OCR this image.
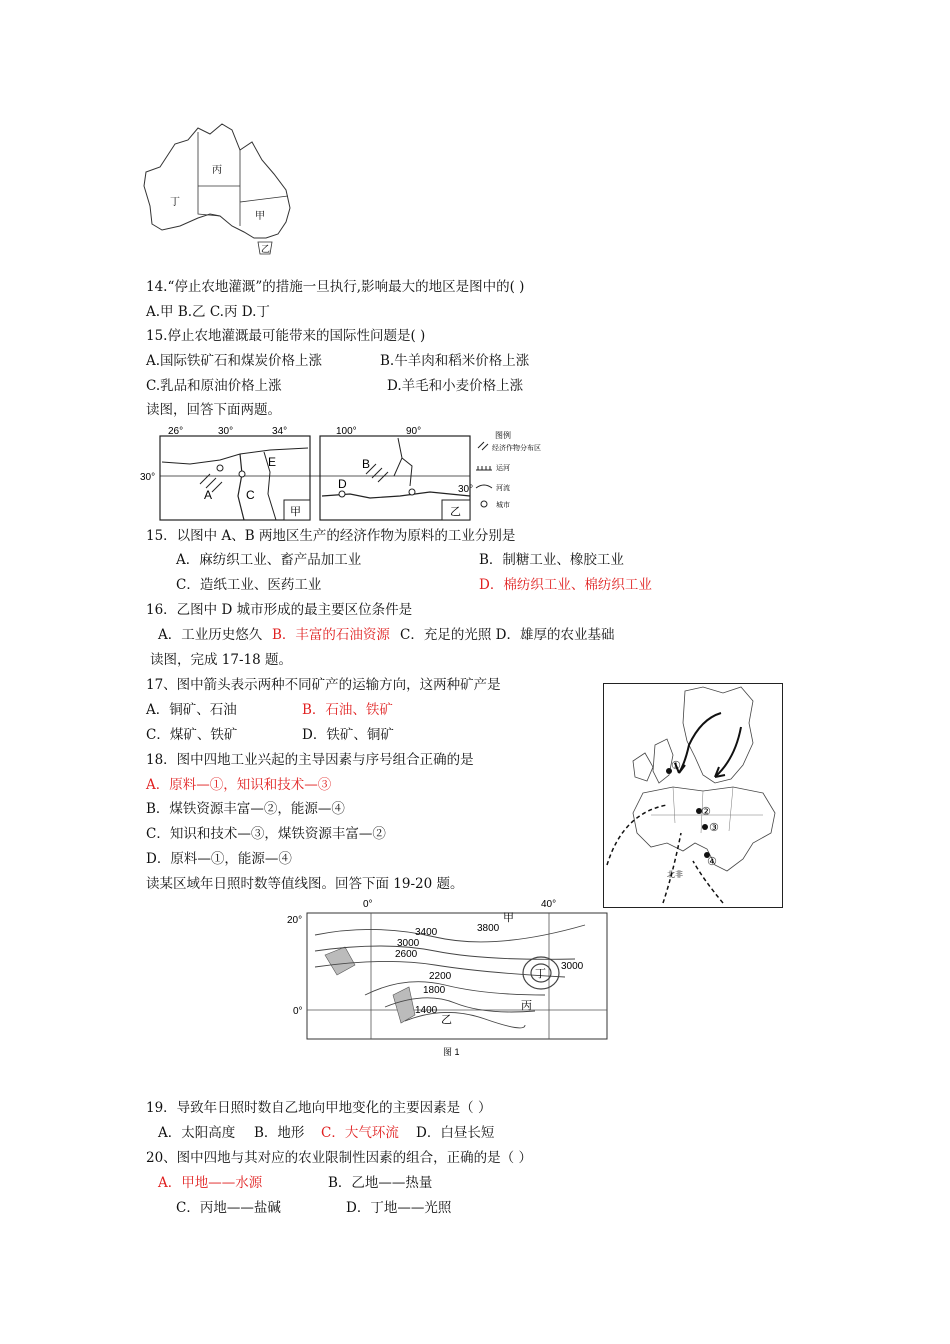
丙
丁
甲
乙
14.“停止农地灌溉”的措施一旦执行,影响最大的地区是图中的( )
A.甲 B.乙 C.丙 D.丁
15.停止农地灌溉最可能带来的国际性问题是( )
A.国际铁矿石和煤炭价格上涨	B.牛羊肉和稻米价格上涨
C.乳品和原油价格上涨	D.羊毛和小麦价格上涨
读图，回答下面两题。
26°	30°	34°
30°
A	C
E
甲
100°	90°
B
D
乙
30°
图例
经济作物分布区
运河
河流
城市
15．以图中 A、B 两地区生产的经济作物为原料的工业分别是
A．麻纺织工业、畜产品加工业	B．制糖工业、橡胶工业
C．造纸工业、医药工业	D．棉纺织工业、棉纺织工业
16．乙图中 D 城市形成的最主要区位条件是
A．工业历史悠久 B．丰富的石油资源 C．充足的光照 D．雄厚的农业基础
读图，完成 17-18 题。
17、图中箭头表示两种不同矿产的运输方向，这两种矿产是
A．铜矿、石油	B．石油、铁矿
C．煤矿、铁矿	D．铁矿、铜矿
18．图中四地工业兴起的主导因素与序号组合正确的是
A．原料—①，知识和技术—③
B．煤铁资源丰富—②，能源—④
C．知识和技术—③，煤铁资源丰富—②
D．原料—①，能源—④
①
②
③
④
北非
读某区域年日照时数等值线图。回答下面 19-20 题。
0°	40°
20°
0°
3400	3800
3000
2600
2200
1800
1400
3000
甲
丁
乙
丙
图 1
19．导致年日照时数自乙地向甲地变化的主要因素是（ ）
A．太阳高度 B．地形 C．大气环流 D．白昼长短
20、图中四地与其对应的农业限制性因素的组合，正确的是（ ）
A．甲地——水源	B．乙地——热量
C．丙地——盐碱	D．丁地——光照
